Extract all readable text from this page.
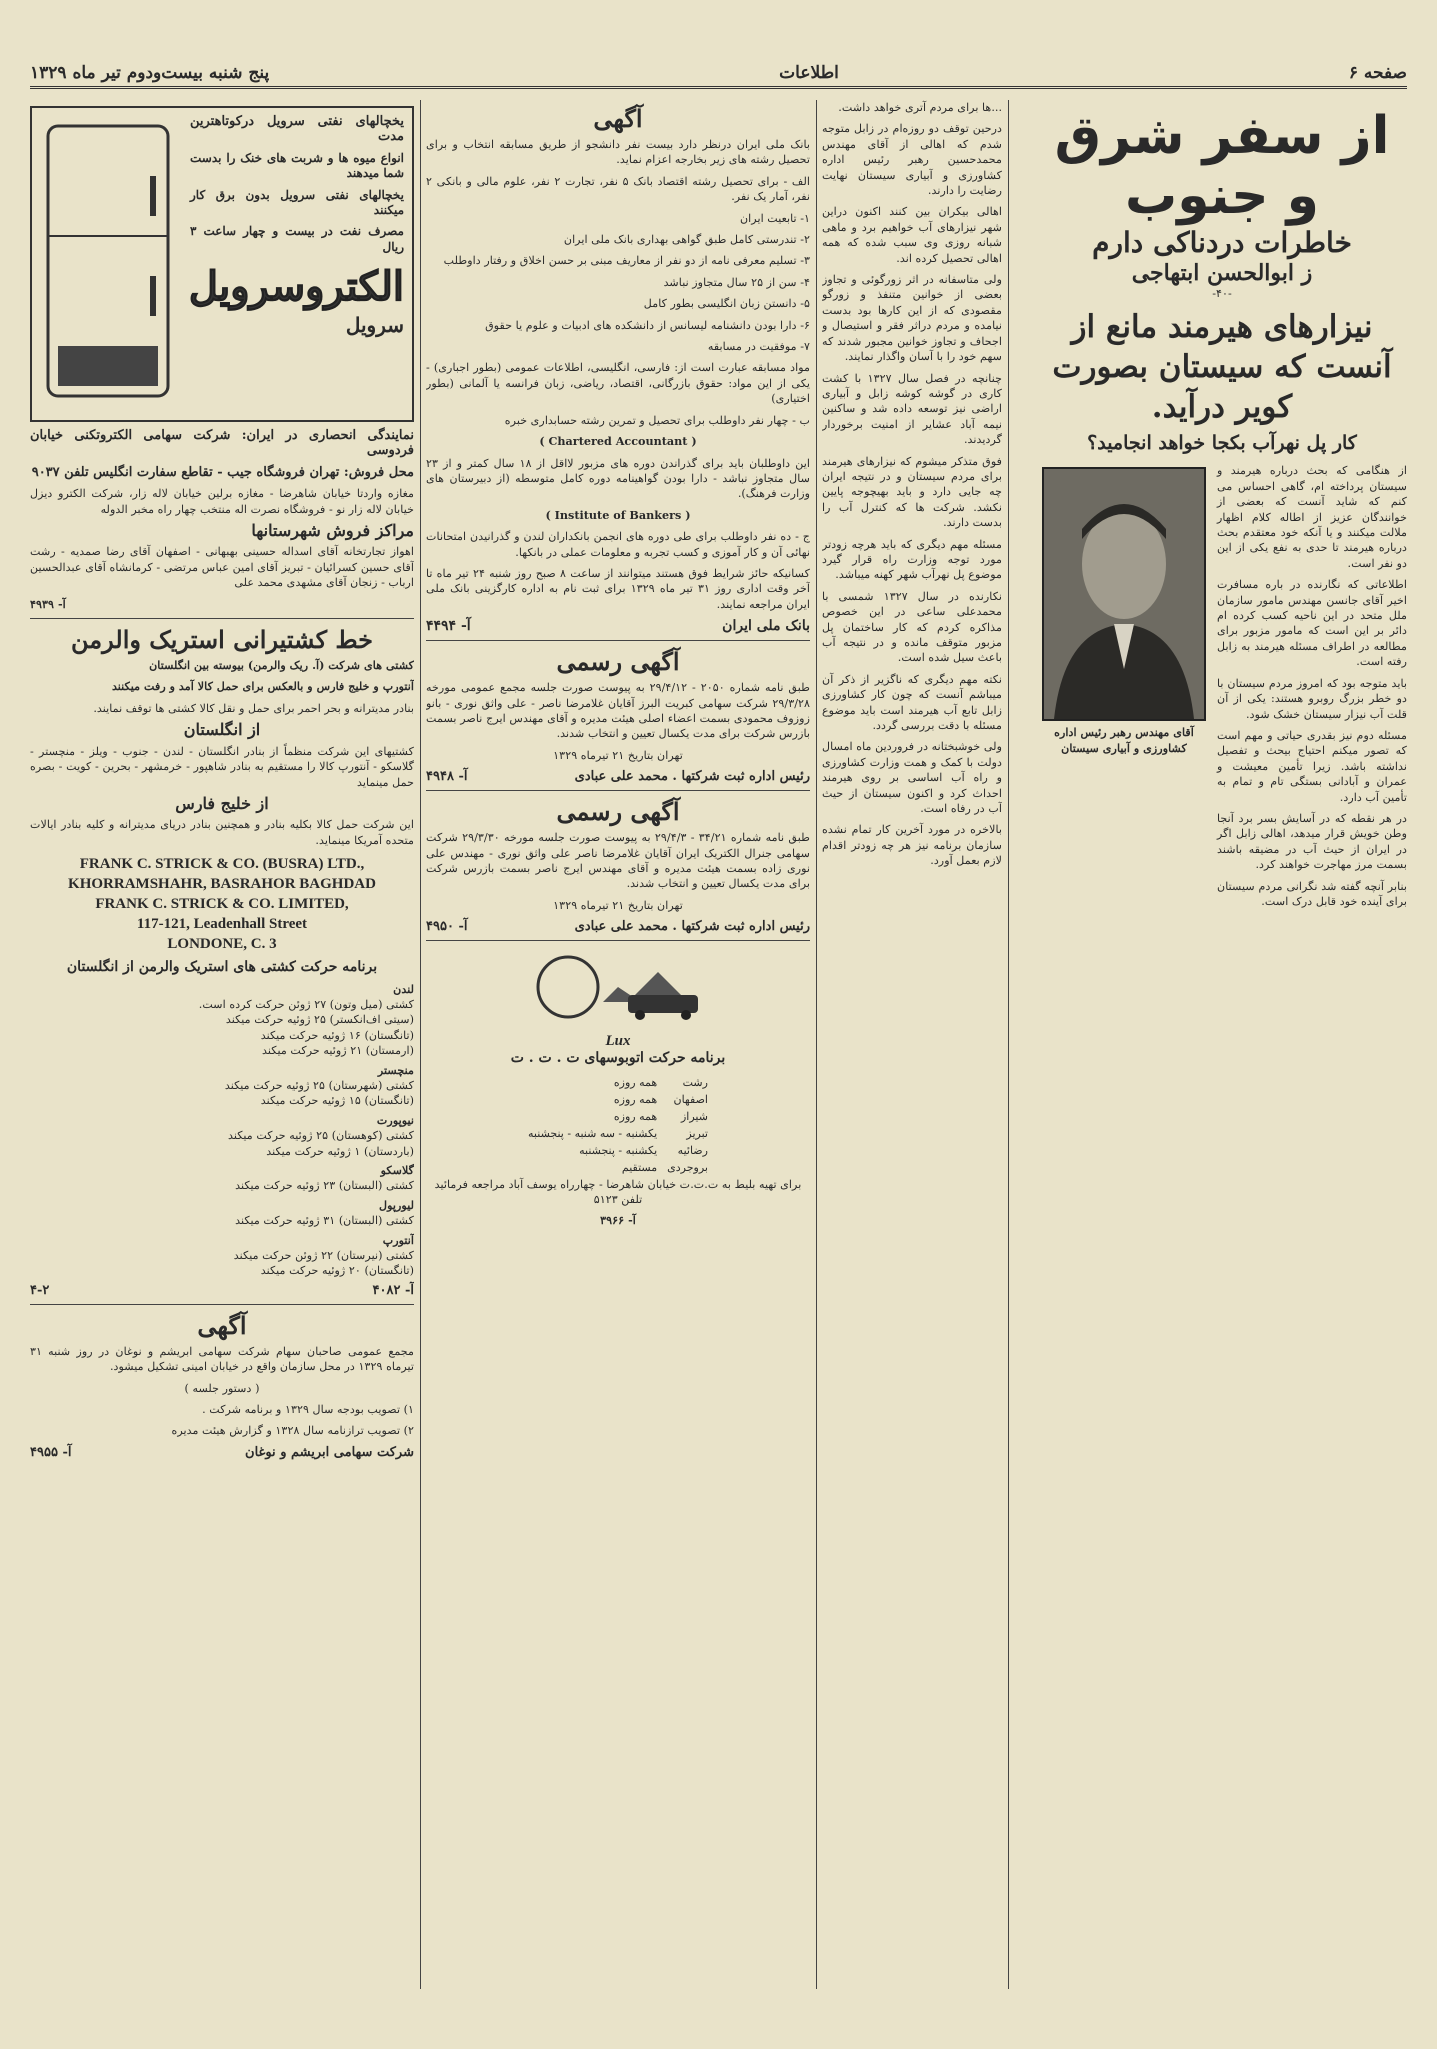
صفحه ۶
اطلاعات
پنج شنبه بیست‌ودوم تیر ماه ۱۳۲۹

از سفر شرق و جنوب

خاطرات دردناکی دارم

ز ابوالحسن ابتهاجی

-۴۰-

نیزارهای هیرمند مانع از آنست که سیستان بصورت کویر درآید.

کار پل نهرآب بکجا خواهد انجامید؟

از هنگامی که بحث درباره هیرمند و سیستان پرداخته ام، گاهی احساس می کنم که شاید آنست که بعضی از خوانندگان عزیز از اطاله کلام اظهار ملالت میکنند و یا آنکه خود معتقدم بحث درباره هیرمند تا حدی به نفع یکی از این دو نفر است.

اطلاعاتی که نگارنده در باره مسافرت اخیر آقای جانسن مهندس مامور سازمان ملل متحد در این ناحیه کسب کرده ام دائر بر این است که مامور مزبور برای مطالعه در اطراف مسئله هیرمند به زابل رفته است.

باید متوجه بود که امروز مردم سیستان با دو خطر بزرگ روبرو هستند: یکی از آن قلت آب نیزار سیستان خشک شود.

مسئله دوم نیز بقدری حیاتی و مهم است که تصور میکنم احتیاج بیحث و تفصیل نداشته باشد. زیرا تأمین معیشت و عمران و آبادانی بستگی تام و تمام به تأمین آب دارد.

در هر نقطه که در آسایش بسر برد آنجا وطن خویش قرار میدهد، اهالی زابل اگر در ایران از حیث آب در مضیقه باشند بسمت مرز مهاجرت خواهند کرد.

بنابر آنچه گفته شد نگرانی مردم سیستان برای آینده خود قابل درک است.

آقای مهندس رهبر رئیس اداره کشاورزی و آبیاری سیستان

...ها برای مردم آتری خواهد داشت.

درحین توقف دو روزه‌ام در زابل متوجه شدم که اهالی از آقای مهندس محمدحسین رهبر رئیس اداره کشاورزی و آبیاری سیستان نهایت رضایت را دارند.

اهالی بیکران بین کنند اکنون دراین شهر نیزارهای آب خواهیم برد و ماهی شبانه روزی وی سبب شده که همه اهالی تحصیل کرده اند.

ولی متاسفانه در اثر زورگوئی و تجاوز بعضی از خوانین متنفذ و زورگو مقصودی که از این کارها بود بدست نیامده و مردم دراثر فقر و استیصال و اجحاف و تجاوز خوانین مجبور شدند که سهم خود را با آسان واگذار نمایند.

چنانچه در فصل سال ۱۳۲۷ با کشت کاری در گوشه کوشه زابل و آبیاری اراضی نیز توسعه داده شد و ساکنین نیمه آباد عشایر از امنیت برخوردار گردیدند.

فوق متذکر میشوم که نیزارهای هیرمند برای مردم سیستان و در نتیجه ایران چه جایی دارد و باید بهیچوجه پایین نکشد. شرکت ها که کنترل آب را بدست دارند.

مسئله مهم دیگری که باید هرچه زودتر مورد توجه وزارت راه قرار گیرد موضوع پل نهرآب شهر کهنه میباشد.

نکارنده در سال ۱۳۲۷ شمسی با محمدعلی ساعی در این خصوص مذاکره کردم که کار ساختمان پل مزبور متوقف مانده و در نتیجه آب باعث سیل شده است.

نکته مهم دیگری که ناگزیر از ذکر آن میباشم آنست که چون کار کشاورزی زابل تابع آب هیرمند است باید موضوع مسئله با دقت بررسی گردد.

ولی خوشبختانه در فروردین ماه امسال دولت با کمک و همت وزارت کشاورزی و راه آب اساسی بر روی هیرمند احداث کرد و اکنون سیستان از حیث آب در رفاه است.

بالاخره در مورد آخرین کار تمام نشده سازمان برنامه نیز هر چه زودتر اقدام لازم بعمل آورد.

آگهی

بانک ملی ایران درنظر دارد بیست نفر دانشجو از طریق مسابقه انتخاب و برای تحصیل رشته های زیر بخارجه اعزام نماید.

الف - برای تحصیل رشته اقتصاد بانک ۵ نفر، تجارت ۲ نفر، علوم مالی و بانکی ۲ نفر، آمار یک نفر.

۱- تابعیت ایران

۲- تندرستی کامل طبق گواهی بهداری بانک ملی ایران

۳- تسلیم معرفی نامه از دو نفر از معاریف مبنی بر حسن اخلاق و رفتار داوطلب

۴- سن از ۲۵ سال متجاوز نباشد

۵- دانستن زبان انگلیسی بطور کامل

۶- دارا بودن دانشنامه لیسانس از دانشکده های ادبیات و علوم یا حقوق

۷- موفقیت در مسابقه

مواد مسابقه عبارت است از: فارسی، انگلیسی، اطلاعات عمومی (بطور اجباری) - یکی از این مواد: حقوق بازرگانی، اقتصاد، ریاضی، زبان فرانسه یا آلمانی (بطور اختیاری)

ب - چهار نفر داوطلب برای تحصیل و تمرین رشته حسابداری خبره

( Chartered Accountant )

این داوطلبان باید برای گذراندن دوره های مزبور لااقل از ۱۸ سال کمتر و از ۲۳ سال متجاوز نباشد - دارا بودن گواهینامه دوره کامل متوسطه (از دبیرستان های وزارت فرهنگ).

( Institute of Bankers )

ج - ده نفر داوطلب برای طی دوره های انجمن بانکداران لندن و گذرانیدن امتحانات نهائی آن و کار آموزی و کسب تجربه و معلومات عملی در بانکها.

کسانیکه حائز شرایط فوق هستند میتوانند از ساعت ۸ صبح روز شنبه ۲۴ تیر ماه تا آخر وقت اداری روز ۳۱ تیر ماه ۱۳۲۹ برای ثبت نام به اداره کارگزینی بانک ملی ایران مراجعه نمایند.

بانک ملی ایران
آ- ۴۴۹۴

آگهی رسمی

طبق نامه شماره ۲۰۵۰ - ۲۹/۴/۱۲ به پیوست صورت جلسه مجمع عمومی مورخه ۲۹/۳/۲۸ شرکت سهامی کبریت البرز آقایان غلامرضا ناصر - علی واثق نوری - بانو زوزوف محمودی بسمت اعضاء اصلی هیئت مدیره و آقای مهندس ایرج ناصر بسمت بازرس شرکت برای مدت یکسال تعیین و انتخاب شدند.

تهران بتاریخ ۲۱ تیرماه ۱۳۲۹

رئیس اداره ثبت شرکتها . محمد علی عبادی
آ- ۴۹۴۸

آگهی رسمی

طبق نامه شماره ۳۴/۲۱ - ۲۹/۴/۳ به پیوست صورت جلسه مورخه ۲۹/۳/۳۰ شرکت سهامی جنرال الکتریک ایران آقایان غلامرضا ناصر علی واثق نوری - مهندس علی نوری زاده بسمت هیئت مدیره و آقای مهندس ایرج ناصر بسمت بازرس شرکت برای مدت یکسال تعیین و انتخاب شدند.

تهران بتاریخ ۲۱ تیرماه ۱۳۲۹

رئیس اداره ثبت شرکتها . محمد علی عبادی
آ- ۴۹۵۰
Lux

برنامه حرکت اتوبوسهای ت . ت . ت

رشت	همه روزه
اصفهان	همه روزه
شیراز	همه روزه
تبریز	یکشنبه - سه شنبه - پنجشنبه
رضائیه	یکشنبه - پنجشنبه
بروجردی	مستقیم

برای تهیه بلیط به ت.ت.ت خیابان شاهرضا - چهارراه یوسف آباد مراجعه فرمائید تلفن ۵۱۲۳

آ- ۳۹۶۶

یخچالهای نفتی سرویل درکوتاهترین مدت

انواع میوه ها و شربت های خنک را بدست شما میدهند

یخچالهای نفتی سرویل بدون برق کار میکنند

مصرف نفت در بیست و چهار ساعت ۳ ریال

الکتروسرویل

سرویل

نمایندگی انحصاری در ایران: شرکت سهامی الکتروتکنی خیابان فردوسی

محل فروش: تهران فروشگاه جیب - تقاطع سفارت انگلیس تلفن ۹۰۳۷

مغازه واردتا خیابان شاهرضا - مغازه برلین خیابان لاله زار، شرکت الکترو دیزل خیابان لاله زار نو - فروشگاه نصرت اله منتخب چهار راه مخبر الدوله

مراکز فروش شهرستانها

اهواز تجارتخانه آقای اسداله حسینی بهبهانی - اصفهان آقای رضا صمدیه - رشت آقای حسین کسرائیان - تبریز آقای امین عباس مرتضی - کرمانشاه آقای عبدالحسین ارباب - زنجان آقای مشهدی محمد علی

آ- ۴۹۳۹

خط کشتیرانی استریک والرمن

کشتی های شرکت (آ. ریک والرمن) بیوسته بین انگلستان

آنتورپ و خلیج فارس و بالعکس برای حمل کالا آمد و رفت میکنند

بنادر مدیترانه و بحر احمر برای حمل و نقل کالا کشتی ها توقف نمایند.

از انگلستان

کشتیهای این شرکت منظماً از بنادر انگلستان - لندن - جنوب - ویلز - منچستر - گلاسکو - آنتورپ کالا را مستقیم به بنادر شاهپور - خرمشهر - بحرین - کویت - بصره حمل مینماید

از خلیج فارس

این شرکت حمل کالا بکلیه بنادر و همچنین بنادر دریای مدیترانه و کلیه بنادر ایالات متحده آمریکا مینماید.

FRANK C. STRICK & CO. (BUSRA) LTD.,
KHORRAMSHAHR, BASRAHOR BAGHDAD
FRANK C. STRICK & CO. LIMITED,
117-121, Leadenhall Street
LONDONE, C. 3

برنامه حرکت کشتی های استریک والرمن از انگلستان

لندن

کشتی (میل وتون) ۲۷ ژوئن حرکت کرده است.

(سیتی اف‌انکستر) ۲۵ ژوئیه حرکت میکند

(تانگستان) ۱۶ ژوئیه حرکت میکند

(ارمستان) ۲۱ ژوئیه حرکت میکند

منچستر

کشتی (شهرستان) ۲۵ ژوئیه حرکت میکند

(تانگستان) ۱۵ ژوئیه حرکت میکند

نیوپورت

کشتی (کوهستان) ۲۵ ژوئیه حرکت میکند

(باردستان) ۱ ژوئیه حرکت میکند

گلاسکو

کشتی (البستان) ۲۳ ژوئیه حرکت میکند

لیورپول

کشتی (البستان) ۳۱ ژوئیه حرکت میکند

آنتورپ

کشتی (نیرستان) ۲۲ ژوئن حرکت میکند

(تانگستان) ۲۰ ژوئیه حرکت میکند

آ- ۴۰۸۲
۴-۲

آگهی

مجمع عمومی صاحبان سهام شرکت سهامی ابریشم و نوغان در روز شنبه ۳۱ تیرماه ۱۳۲۹ در محل سازمان واقع در خیابان امینی تشکیل میشود.

( دستور جلسه )

۱) تصویب بودجه سال ۱۳۲۹ و برنامه شرکت .

۲) تصویب ترازنامه سال ۱۳۲۸ و گزارش هیئت مدیره

شرکت سهامی ابریشم و نوغان
آ- ۴۹۵۵
